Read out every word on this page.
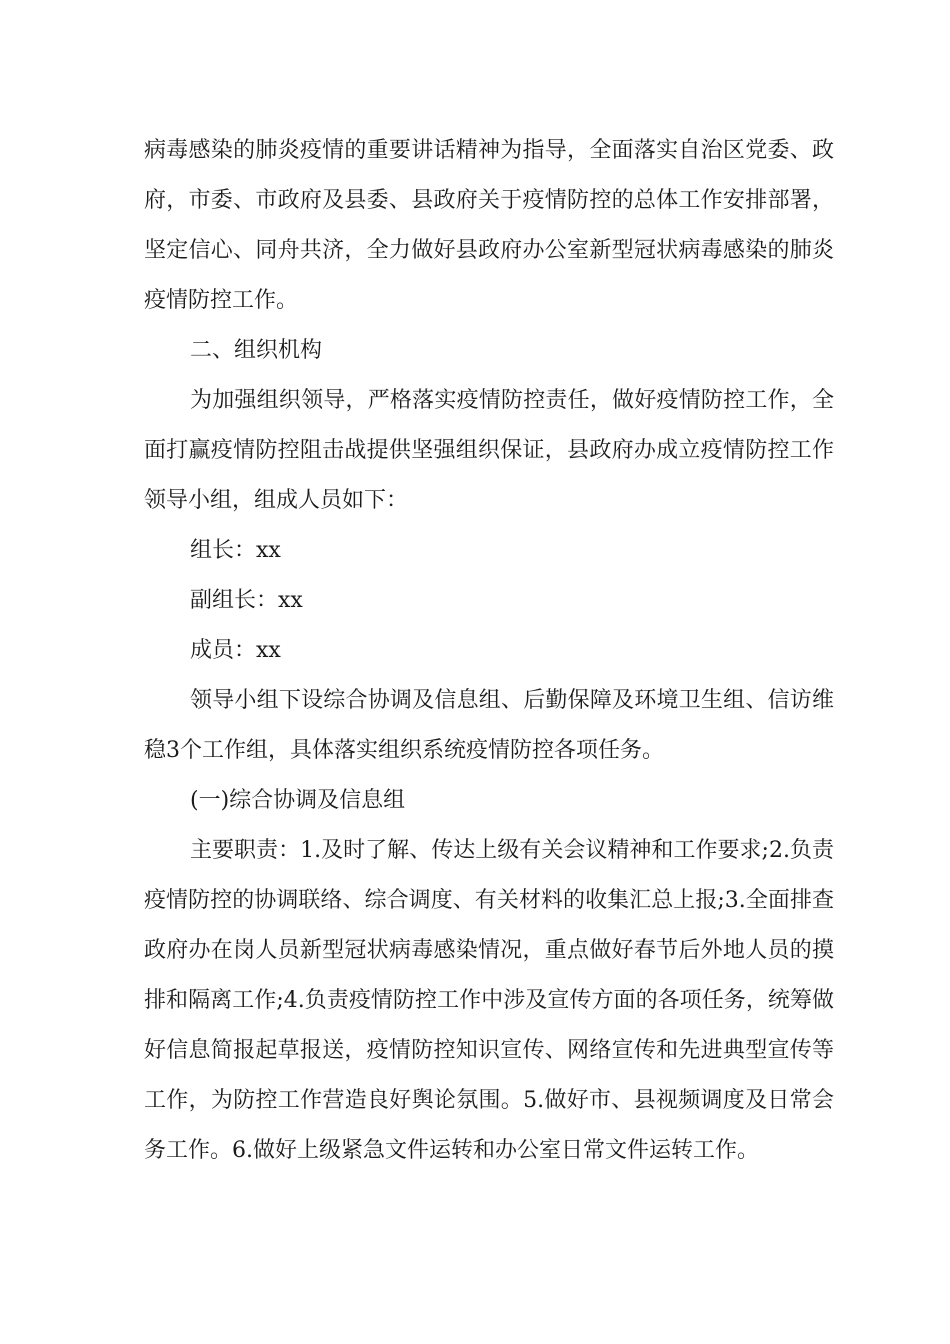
病毒感染的肺炎疫情的重要讲话精神为指导，全面落实自治区党委、政府，市委、市政府及县委、县政府关于疫情防控的总体工作安排部署，坚定信心、同舟共济，全力做好县政府办公室新型冠状病毒感染的肺炎疫情防控工作。

二、组织机构

为加强组织领导，严格落实疫情防控责任，做好疫情防控工作，全面打赢疫情防控阻击战提供坚强组织保证，县政府办成立疫情防控工作领导小组，组成人员如下：

组长：xx

副组长：xx

成员：xx

领导小组下设综合协调及信息组、后勤保障及环境卫生组、信访维稳3个工作组，具体落实组织系统疫情防控各项任务。

(一)综合协调及信息组

主要职责：1.及时了解、传达上级有关会议精神和工作要求;2.负责疫情防控的协调联络、综合调度、有关材料的收集汇总上报;3.全面排查政府办在岗人员新型冠状病毒感染情况，重点做好春节后外地人员的摸排和隔离工作;4.负责疫情防控工作中涉及宣传方面的各项任务，统筹做好信息简报起草报送，疫情防控知识宣传、网络宣传和先进典型宣传等工作，为防控工作营造良好舆论氛围。5.做好市、县视频调度及日常会务工作。6.做好上级紧急文件运转和办公室日常文件运转工作。
